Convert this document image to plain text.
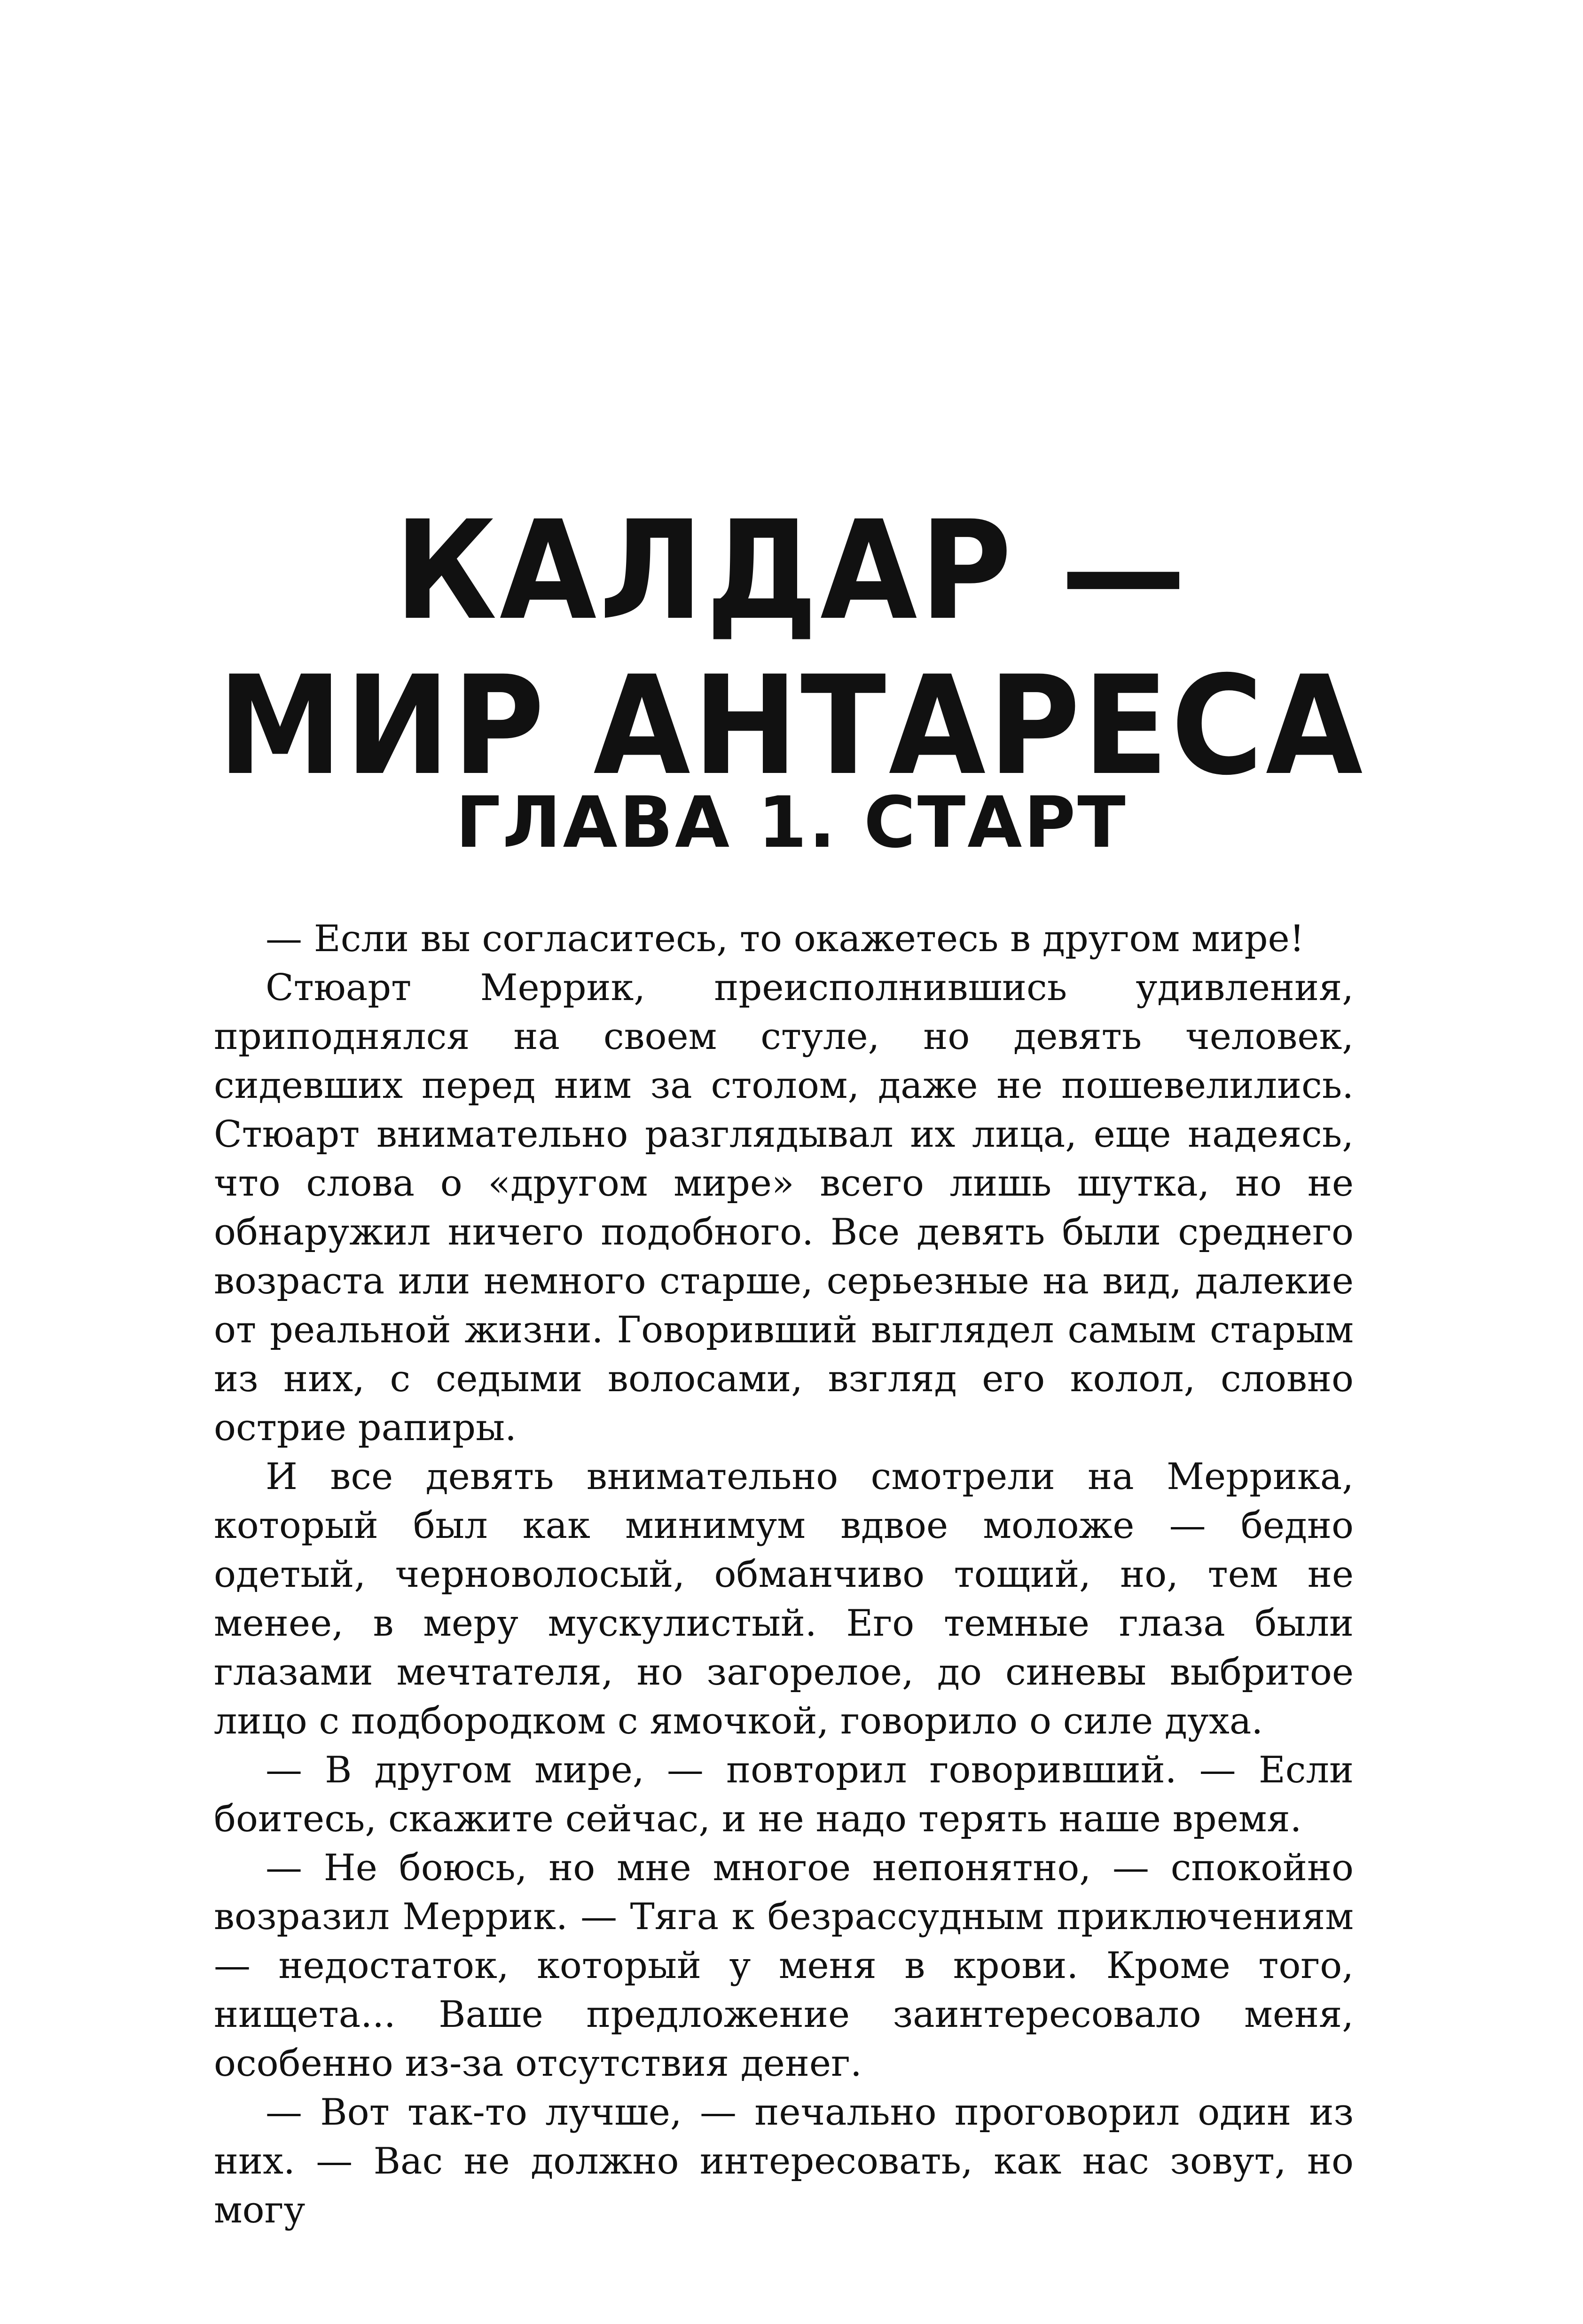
КАЛДАР —
МИР АНТАРЕСА
ГЛАВА 1. СТАРТ

— Если вы согласитесь, то окажетесь в другом мире!

Стюарт Меррик, преисполнившись удивления, приподнялся на своем стуле, но девять человек, сидевших перед ним за столом, даже не пошевелились. Стюарт внимательно разглядывал их лица, еще надеясь, что слова о «другом мире» всего лишь шутка, но не обнаружил ничего подобного. Все девять были среднего возраста или немного старше, серьезные на вид, далекие от реальной жизни. Говоривший выглядел самым старым из них, с седыми волосами, взгляд его колол, словно острие рапиры.

И все девять внимательно смотрели на Меррика, который был как минимум вдвое моложе — бедно одетый, черноволосый, обманчиво тощий, но, тем не менее, в меру мускулистый. Его темные глаза были глазами мечтателя, но загорелое, до синевы выбритое лицо с подбородком с ямочкой, говорило о силе духа.

— В другом мире, — повторил говоривший. — Если боитесь, скажите сейчас, и не надо терять наше время.

— Не боюсь, но мне многое непонятно, — спокойно возразил Меррик. — Тяга к безрассудным приключениям — недостаток, который у меня в крови. Кроме того, нищета... Ваше предложение заинтересовало меня, особенно из-за отсутствия денег.

— Вот так-то лучше, — печально проговорил один из них. — Вас не должно интересовать, как нас зовут, но могу
